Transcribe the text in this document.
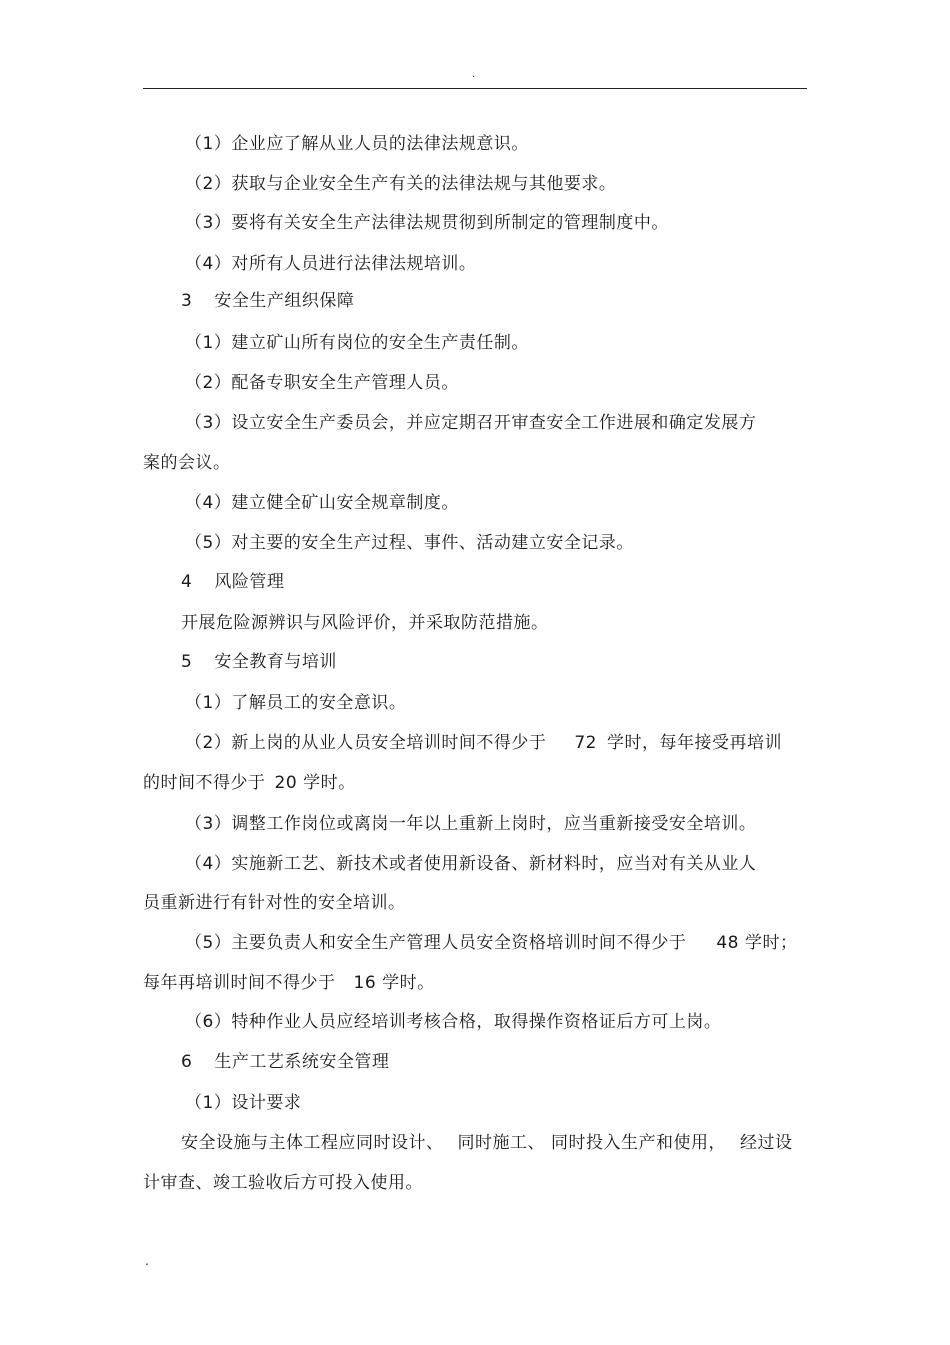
.
（1）企业应了解从业人员的法律法规意识。
（2）获取与企业安全生产有关的法律法规与其他要求。
（3）要将有关安全生产法律法规贯彻到所制定的管理制度中。
（4）对所有人员进行法律法规培训。
3 安全生产组织保障
（1）建立矿山所有岗位的安全生产责任制。
（2）配备专职安全生产管理人员。
（3）设立安全生产委员会，并应定期召开审查安全工作进展和确定发展方
案的会议。
（4）建立健全矿山安全规章制度。
（5）对主要的安全生产过程、事件、活动建立安全记录。
4 风险管理
开展危险源辨识与风险评价，并采取防范措施。
5 安全教育与培训
（1）了解员工的安全意识。
（2）新上岗的从业人员安全培训时间不得少于 72 学时，每年接受再培训
的时间不得少于 20 学时。
（3）调整工作岗位或离岗一年以上重新上岗时，应当重新接受安全培训。
（4）实施新工艺、新技术或者使用新设备、新材料时，应当对有关从业人
员重新进行有针对性的安全培训。
（5）主要负责人和安全生产管理人员安全资格培训时间不得少于 48 学时；
每年再培训时间不得少于 16 学时。
（6）特种作业人员应经培训考核合格，取得操作资格证后方可上岗。
6 生产工艺系统安全管理
（1）设计要求
安全设施与主体工程应同时设计、 同时施工、 同时投入生产和使用， 经过设
计审查、竣工验收后方可投入使用。
.
